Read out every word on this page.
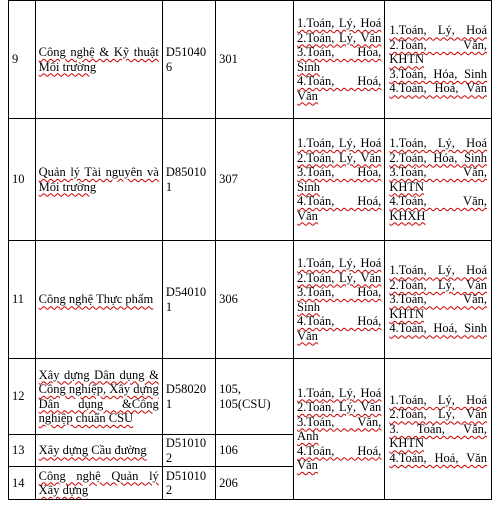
9	Công nghệ & Kỹ thuật Môi trường	D510406	301	1.Toán, Lý, Hoá
2.Toán, Lý, Văn
3.Toán, Hóa, Sinh
4.Toán, Hoá, Văn	1.Toán, Lý, Hoá
2.Toán, Văn, KHTN
3.Toán, Hóa, Sinh
4.Toán, Hoá, Văn

10	Quản lý Tài nguyên và Môi trường	D850101	307	1.Toán, Lý, Hoá
2.Toán, Lý, Văn
3.Toán, Hóa, Sinh
4.Toán, Hoá, Văn	1.Toán, Lý, Hoá
2.Toán, Hóa, Sinh
3.Toán, Văn, KHTN
4.Toán, Văn, KHXH

11	Công nghệ Thực phẩm	D540101	306	1.Toán, Lý, Hoá
2.Toán, Lý, Văn
3.Toán, Hóa, Sinh
4.Toán, Hoá, Văn	1.Toán, Lý, Hoá
2.Toán, Lý, Văn
3.Toán, Văn, KHTN
4.Toán, Hoá, Sinh

12	Xây dựng Dân dụng & Công nghiệp, Xây dựng Dân dụng &Công nghiệp chuẩn CSU	D580201	105, 105(CSU)	1.Toán, Lý, Hoá
2.Toán, Lý, Văn
3.Toán, Văn, Anh
4.Toán, Hoá, Văn	1.Toán, Lý, Hoá
2.Toán, Lý, Văn
3. Toán, Văn, KHTN
4.Toán, Hoá, Văn

13	Xây dựng Cầu đường	D510102	106		
14	Công nghệ Quản lý Xây dựng	D510102	206		
